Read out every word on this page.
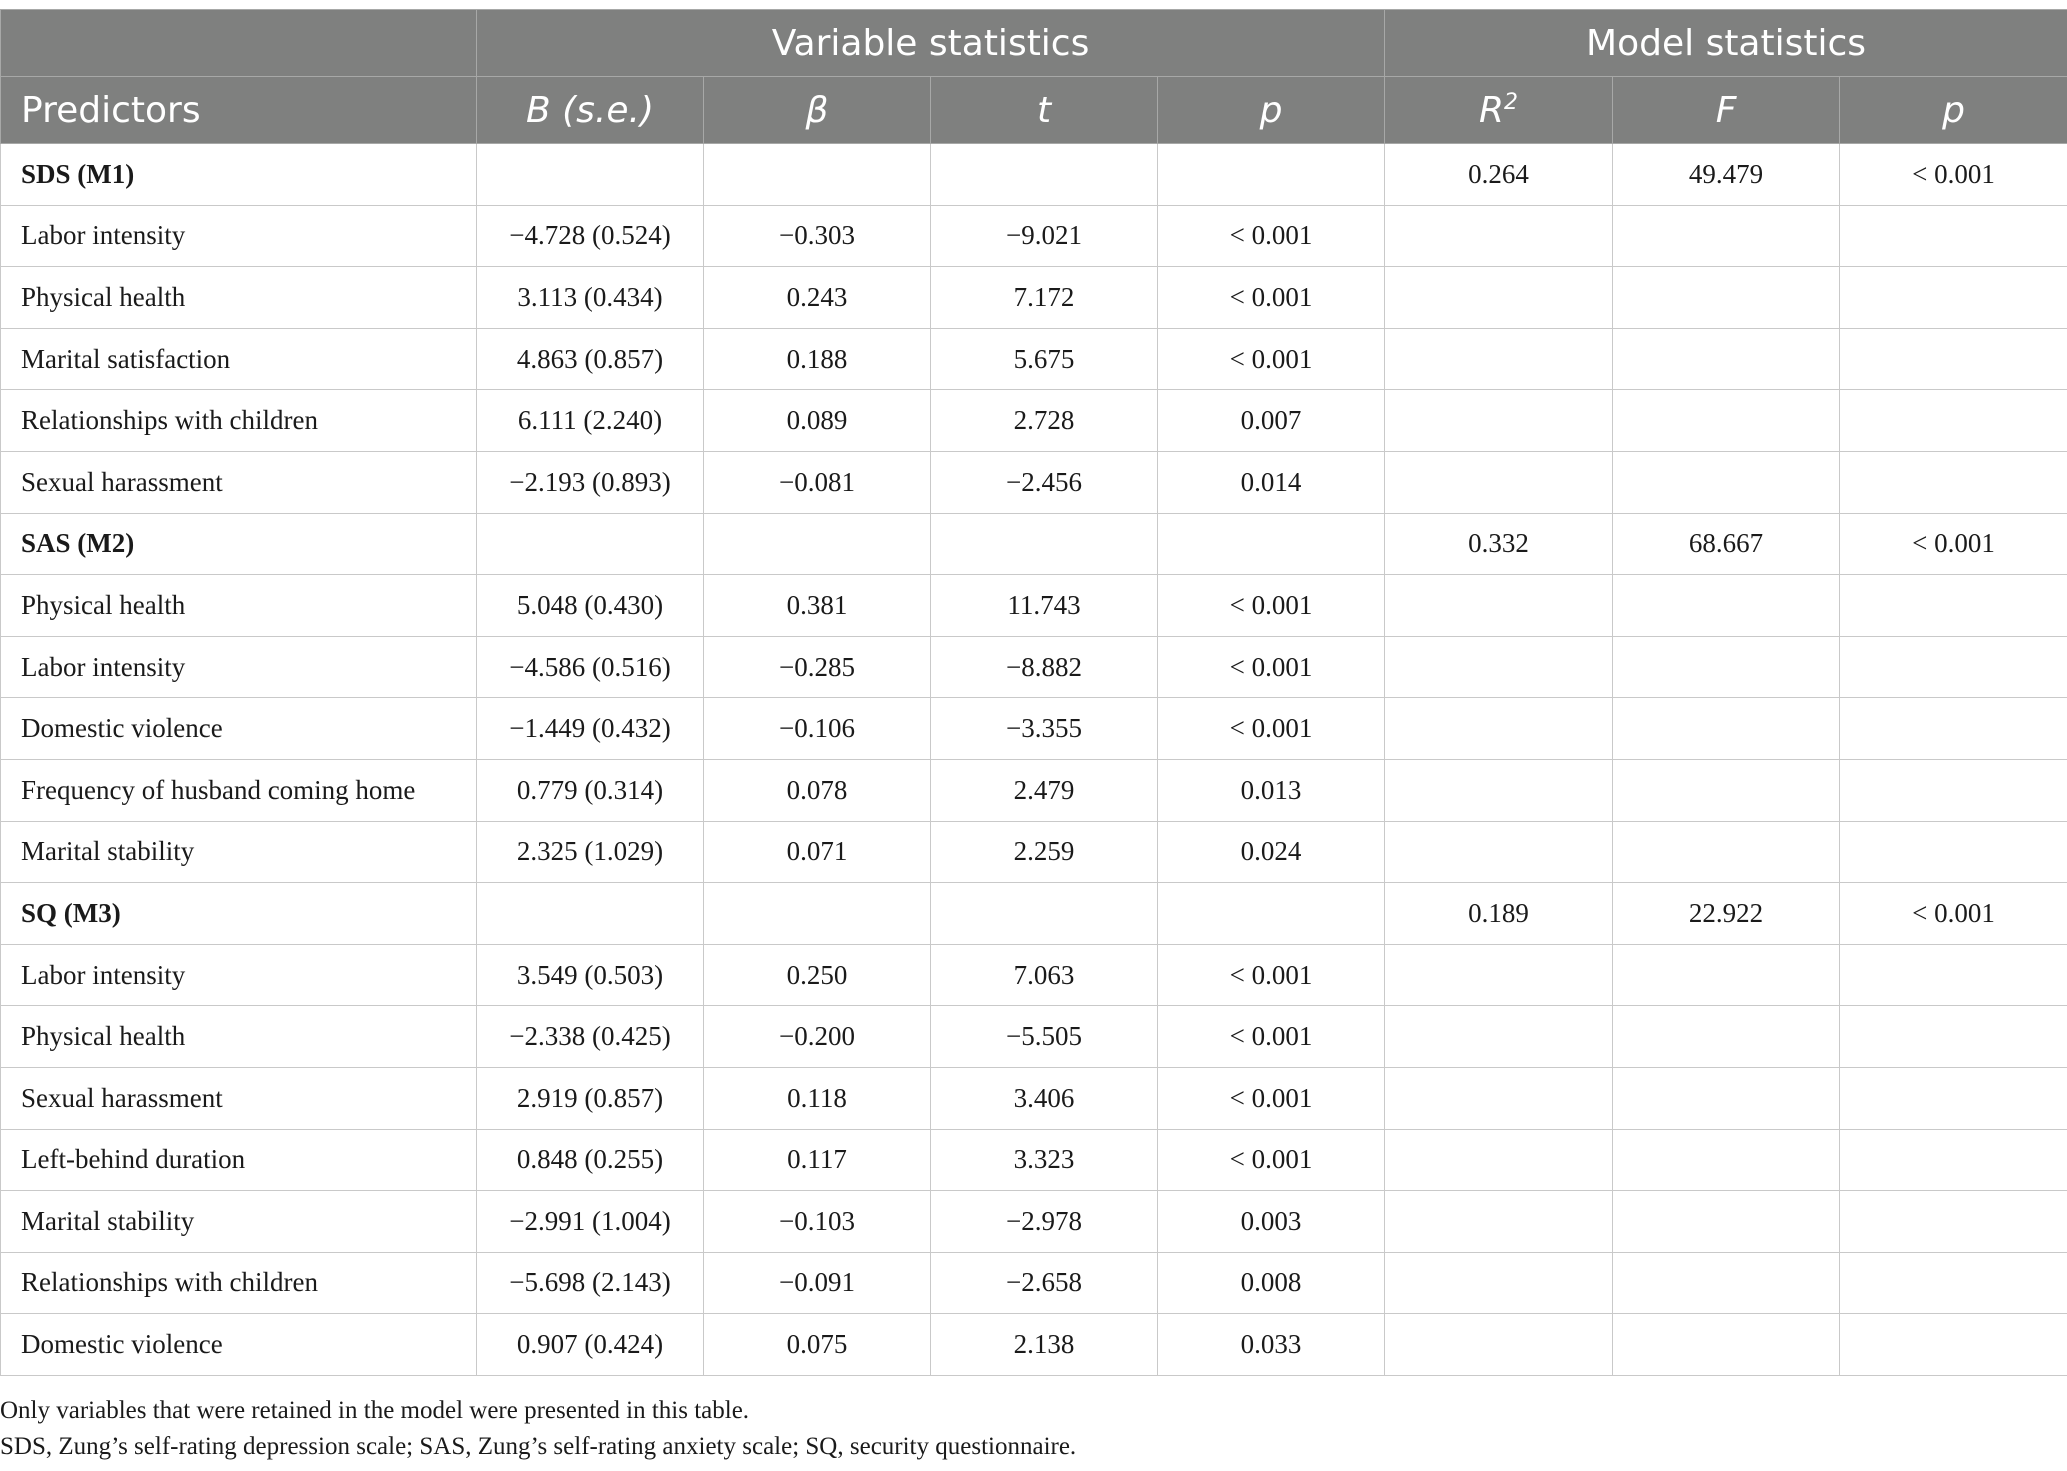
	Variable statistics				Model statistics		
Predictors	B (s.e.)	β	t	p	$R^2$	F	p
SDS (M1)					0.264	49.479	< 0.001
Labor intensity	−4.728 (0.524)	−0.303	−9.021	< 0.001			
Physical health	3.113 (0.434)	0.243	7.172	< 0.001			
Marital satisfaction	4.863 (0.857)	0.188	5.675	< 0.001			
Relationships with children	6.111 (2.240)	0.089	2.728	0.007			
Sexual harassment	−2.193 (0.893)	−0.081	−2.456	0.014			
SAS (M2)					0.332	68.667	< 0.001
Physical health	5.048 (0.430)	0.381	11.743	< 0.001			
Labor intensity	−4.586 (0.516)	−0.285	−8.882	< 0.001			
Domestic violence	−1.449 (0.432)	−0.106	−3.355	< 0.001			
Frequency of husband coming home	0.779 (0.314)	0.078	2.479	0.013			
Marital stability	2.325 (1.029)	0.071	2.259	0.024			
SQ (M3)					0.189	22.922	< 0.001
Labor intensity	3.549 (0.503)	0.250	7.063	< 0.001			
Physical health	−2.338 (0.425)	−0.200	−5.505	< 0.001			
Sexual harassment	2.919 (0.857)	0.118	3.406	< 0.001			
Left-behind duration	0.848 (0.255)	0.117	3.323	< 0.001			
Marital stability	−2.991 (1.004)	−0.103	−2.978	0.003			
Relationships with children	−5.698 (2.143)	−0.091	−2.658	0.008			
Domestic violence	0.907 (0.424)	0.075	2.138	0.033			
Only variables that were retained in the model were presented in this table.
SDS, Zung’s self-rating depression scale; SAS, Zung’s self-rating anxiety scale; SQ, security questionnaire.
